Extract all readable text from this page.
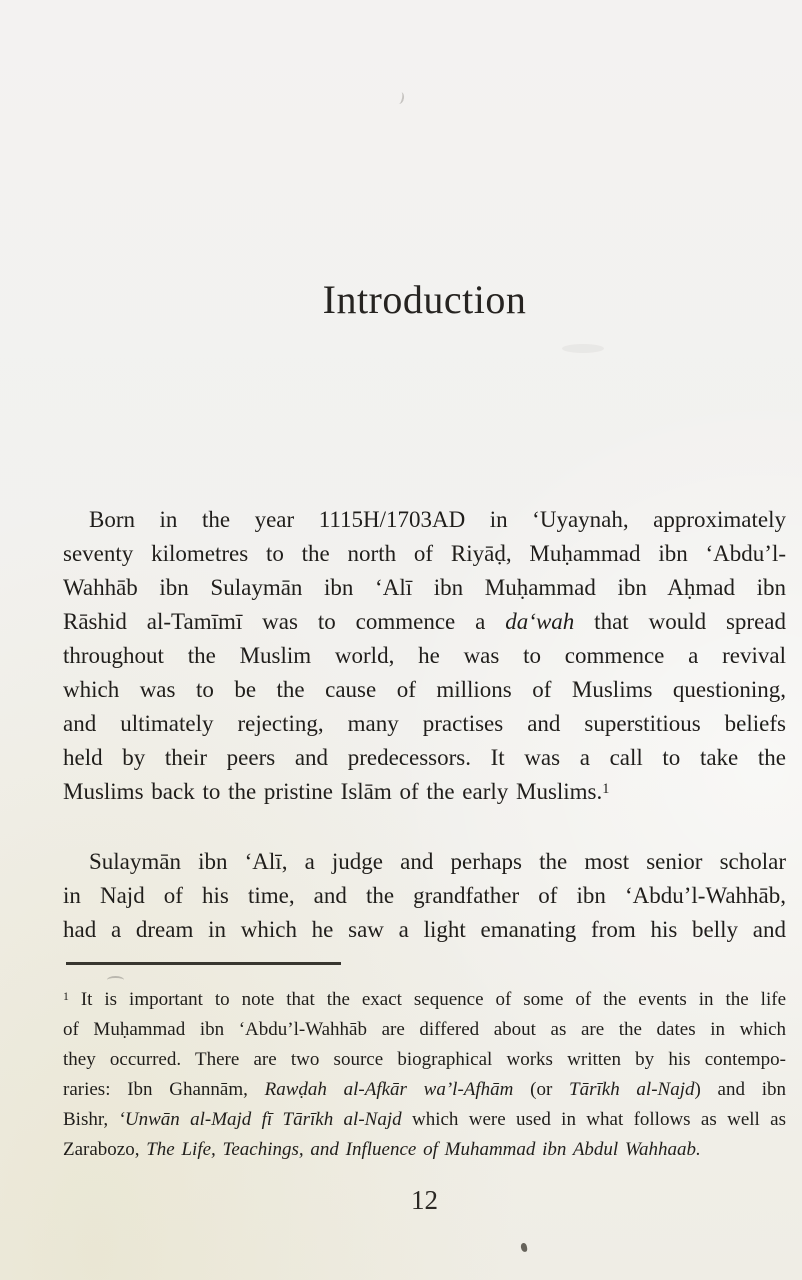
Introduction
Born in the year 1115H/1703AD in ‘Uyaynah, approximately
seventy kilometres to the north of Riyāḍ, Muḥammad ibn ‘Abdu’l-
Wahhāb ibn Sulaymān ibn ‘Alī ibn Muḥammad ibn Aḥmad ibn
Rāshid al-Tamīmī was to commence a da‘wah that would spread
throughout the Muslim world, he was to commence a revival
which was to be the cause of millions of Muslims questioning,
and ultimately rejecting, many practises and superstitious beliefs
held by their peers and predecessors. It was a call to take the
Muslims back to the pristine Islām of the early Muslims.$^1$
Sulaymān ibn ‘Alī, a judge and perhaps the most senior scholar
in Najd of his time, and the grandfather of ibn ‘Abdu’l-Wahhāb,
had a dream in which he saw a light emanating from his belly and
$^1$ It is important to note that the exact sequence of some of the events in the life
of Muḥammad ibn ‘Abdu’l-Wahhāb are differed about as are the dates in which
they occurred. There are two source biographical works written by his contempo-
raries: Ibn Ghannām, Rawḍah al-Afkār wa’l-Afhām (or Tārīkh al-Najd) and ibn
Bishr, ‘Unwān al-Majd fī Tārīkh al-Najd which were used in what follows as well as
Zarabozo, The Life, Teachings, and Influence of Muhammad ibn Abdul Wahhaab.
12
